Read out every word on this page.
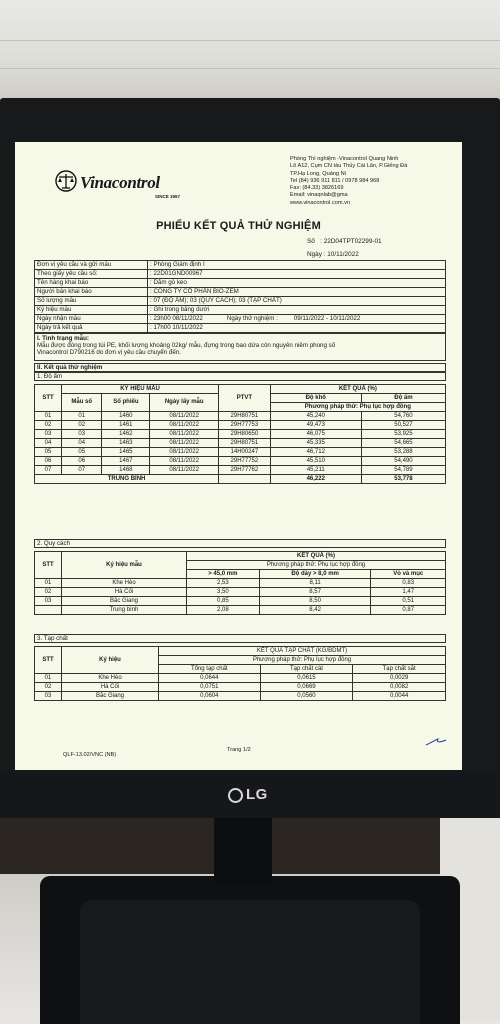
LG
Vinacontrol
SINCE 1957
Phòng Thí nghiệm -Vinacontrol Quang Ninh
Lô A12, Cụm CN tàu Thủy Cái Lân, P.Giếng Đá
TP.Hạ Long, Quảng Ni
Tel (84) 936 911 811 / 0978 984 968
Fax: (84.33) 3826169
Email: vinaqnlab@gma
www.vinacontrol.com.vn
PHIẾU KẾT QUẢ THỬ NGHIỆM
Số : 22D04TPT02299-01
Ngày : 10/11/2022
Đơn vị yêu cầu và gửi mẫu	: Phòng Giám định I
Theo giấy yêu cầu số:	: 22D01GND00967
Tên hàng khai báo	: Dăm gỗ keo
Người bán khai báo	: CÔNG TY CỔ PHẦN BIO-ZEM
Số lượng mẫu	: 07 (ĐỘ ẨM); 03 (QUY CÁCH); 03 (TẠP CHẤT)
Ký hiệu mẫu	: Ghi trong bảng dưới
Ngày nhận mẫu	: 23h00 08/11/2022 Ngày thử nghiệm : 09/11/2022 - 10/11/2022
Ngày trả kết quả	: 17h00 10/11/2022
I. Tình trạng mẫu:
Mẫu được đóng trong túi PE, khối lượng khoảng 02kg/ mẫu, đựng trong bao dứa còn nguyên niêm phong số
Vinacontrol D790216 do đơn vị yêu cầu chuyển đến.
II. Kết quả thử nghiệm
1. Độ ẩm
STT	KÝ HIỆU MẪU			PTVT	KẾT QUẢ (%)	
	Mẫu số	Số phiếu	Ngày lấy mẫu		Độ khô	Độ ẩm
					Phương pháp thử: Phụ lục hợp đồng	
01	01	1460	08/11/2022	29H80751	45,240	54,760
02	02	1461	08/11/2022	29H77753	49,473	50,527
03	03	1462	08/11/2022	29H80650	46,075	53,925
04	04	1463	08/11/2022	29H80751	45,335	54,665
05	05	1465	08/11/2022	14H00247	46,712	53,288
06	06	1467	08/11/2022	29H77752	45,510	54,490
07	07	1468	08/11/2022	29H77762	45,211	54,789
TRUNG BÌNH					46,222	53,778
2. Quy cách
STT	Ký hiệu mẫu	KẾT QUẢ (%)		
		Phương pháp thử: Phụ lục hợp đồng		
		> 45,0 mm	Độ dày > 8,0 mm	Vỏ và mục
01	Khe Hèo	2,53	8,11	0,83
02	Hà Cối	3,50	8,57	1,47
03	Bắc Giang	0,85	8,50	0,51
	Trung bình	2,08	8,42	0,87
3. Tạp chất
STT	Ký hiệu	KẾT QUẢ TẠP CHẤT (KG/BDMT)		
		Phương pháp thử: Phụ lục hợp đồng		
		Tổng tạp chất	Tạp chất cát	Tạp chất sắt
01	Khe Hèo	0,0644	0,0615	0,0029
02	Hà Cối	0,0751	0,0669	0,0082
03	Bắc Giang	0,0604	0,0560	0,0044
Trang 1/2
QLF-13.02/VNC (NB)
